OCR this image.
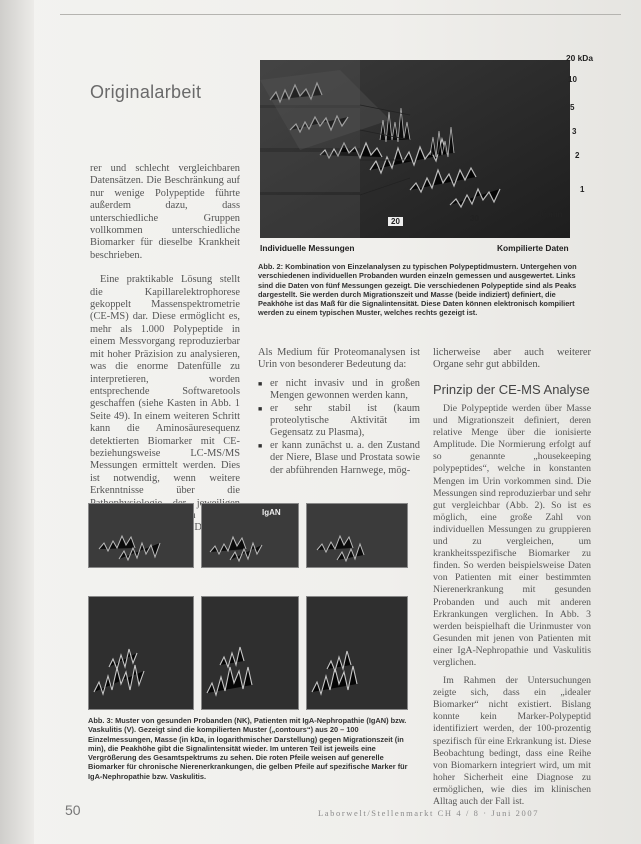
Originalarbeit
20 kDa
10
5
3
2
1
40 min
30
20
Individuelle Messungen	Kompilierte Daten
Abb. 2: Kombination von Einzelanalysen zu typischen Polypeptidmustern. Untergehen von verschiedenen individuellen Probanden wurden einzeln gemessen und ausgewertet. Links sind die Daten von fünf Messungen gezeigt. Die verschiedenen Polypeptide sind als Peaks dargestellt. Sie werden durch Migrationszeit und Masse (beide indiziert) definiert, die Peakhöhe ist das Maß für die Signalintensität. Diese Daten können elektronisch kompiliert werden zu einem typischen Muster, welches rechts gezeigt ist.

rer und schlecht vergleichbaren Datensätzen. Die Beschränkung auf nur wenige Polypeptide führte außerdem dazu, dass unterschiedliche Gruppen vollkommen unterschiedliche Biomarker für dieselbe Krankheit beschrieben.

Eine praktikable Lösung stellt die Kapillarelektrophorese gekoppelt Massenspektrometrie (CE-MS) dar. Diese ermöglicht es, mehr als 1.000 Polypeptide in einem Messvorgang reproduzierbar mit hoher Präzision zu analysieren, was die enorme Datenfülle zu interpretieren, worden entsprechende Softwaretools geschaffen (siehe Kasten in Abb. 1 Seite 49). In einem weiteren Schritt kann die Aminosäuresequenz detektierten Biomarker mit CE- beziehungsweise LC-MS/MS Messungen ermittelt werden. Dies ist notwendig, wenn weitere Erkenntnisse über die

Als Medium für Proteomanalysen ist Urin von besonderer Bedeutung da:

■ er nicht invasiv und in großen Mengen gewonnen werden kann,
■ er sehr stabil ist (kaum proteolytische Aktivität im Gegensatz zu Plasma),
■ er kann zunächst u. a. den Zustand der Niere, Blase und Prostata sowie der abführenden Harnwege, mög-
licherweise aber auch weiterer Organe sehr gut abbilden.
Prinzip der CE-MS Analyse

Die Polypeptide werden über Masse und Migrationszeit definiert, deren relative Menge über die ionisierte Amplitude. Die Normierung erfolgt auf so genannte „housekeeping polypeptides“, welche in konstanten Mengen im Urin vorkommen sind. Die Messungen sind reproduzierbar und sehr gut vergleichbar (Abb. 2). So ist es möglich, eine große Zahl von individuellen Messungen zu gruppieren und zu vergleichen, um krankheitsspezifische Biomarker zu finden. So werden beispielsweise Daten von Patienten mit einer bestimmten Nierenerkrankung mit gesunden Probanden und auch mit anderen Erkrankungen verglichen. In Abb. 3 werden beispielhaft die Urinmuster von Gesunden mit jenen von Patienten mit einer IgA-Nephropathie und Vaskulitis verglichen.

Im Rahmen der Untersuchungen zeigte sich, dass ein „idealer Biomarker“ nicht existiert. Bislang konnte kein Marker-Polypeptid identifiziert werden, der 100-prozentig spezifisch für eine Erkrankung ist. Diese Beobachtung bedingt, dass eine Reihe von Biomarkern integriert wird, um mit hoher Sicherheit eine Diagnose zu ermöglichen, wie dies im klinischen Alltag auch der Fall ist.

IgAN
Abb. 3: Muster von gesunden Probanden (NK), Patienten mit IgA-Nephropathie (IgAN) bzw. Vaskulitis (V). Gezeigt sind die kompilierten Muster („contours“) aus 20 – 100 Einzelmessungen, Masse (in kDa, in logarithmischer Darstellung) gegen Migrationszeit (in min), die Peakhöhe gibt die Signalintensität wieder. Im unteren Teil ist jeweils eine Vergrößerung des Gesamtspektrums zu sehen. Die roten Pfeile weisen auf generelle Biomarker für chronische Nierenerkrankungen, die gelben Pfeile auf spezifische Marker für IgA-Nephropathie bzw. Vaskulitis.
50	Laborwelt/Stellenmarkt CH 4 / 8 · Juni 2007
